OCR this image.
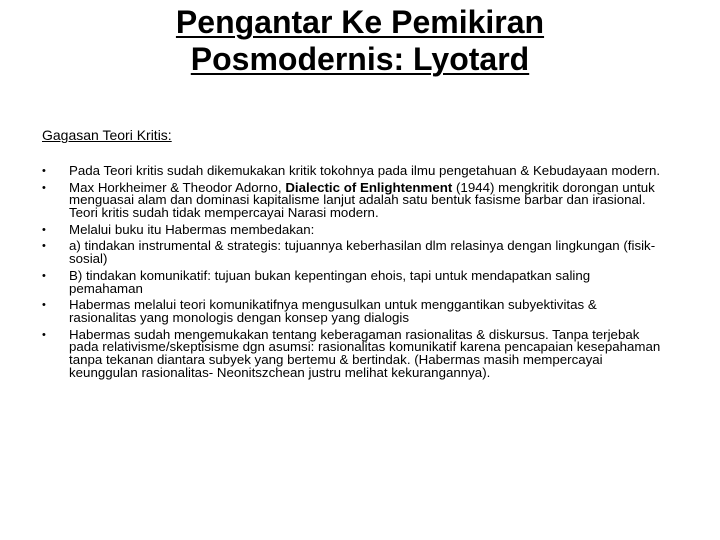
Pengantar Ke Pemikiran
Posmodernis: Lyotard

Gagasan Teori Kritis:

•	Pada Teori kritis sudah dikemukakan kritik tokohnya pada ilmu pengetahuan & Kebudayaan modern.
•	Max Horkheimer & Theodor Adorno, Dialectic of Enlightenment (1944) mengkritik dorongan untuk menguasai alam dan dominasi kapitalisme lanjut adalah satu bentuk fasisme barbar dan irasional. Teori kritis sudah tidak mempercayai Narasi modern.
•	Melalui buku itu Habermas membedakan:
•	a) tindakan instrumental & strategis: tujuannya keberhasilan dlm relasinya dengan lingkungan (fisik-sosial)
•	B) tindakan komunikatif: tujuan bukan kepentingan ehois, tapi untuk mendapatkan saling pemahaman
•	Habermas melalui teori komunikatifnya mengusulkan untuk menggantikan subyektivitas & rasionalitas yang monologis dengan konsep yang dialogis
•	Habermas sudah mengemukakan tentang keberagaman rasionalitas & diskursus. Tanpa terjebak pada relativisme/skeptisisme dgn asumsi: rasionalitas komunikatif karena pencapaian kesepahaman tanpa tekanan diantara subyek yang bertemu & bertindak. (Habermas masih mempercayai keunggulan rasionalitas- Neonitszchean justru melihat kekurangannya).
